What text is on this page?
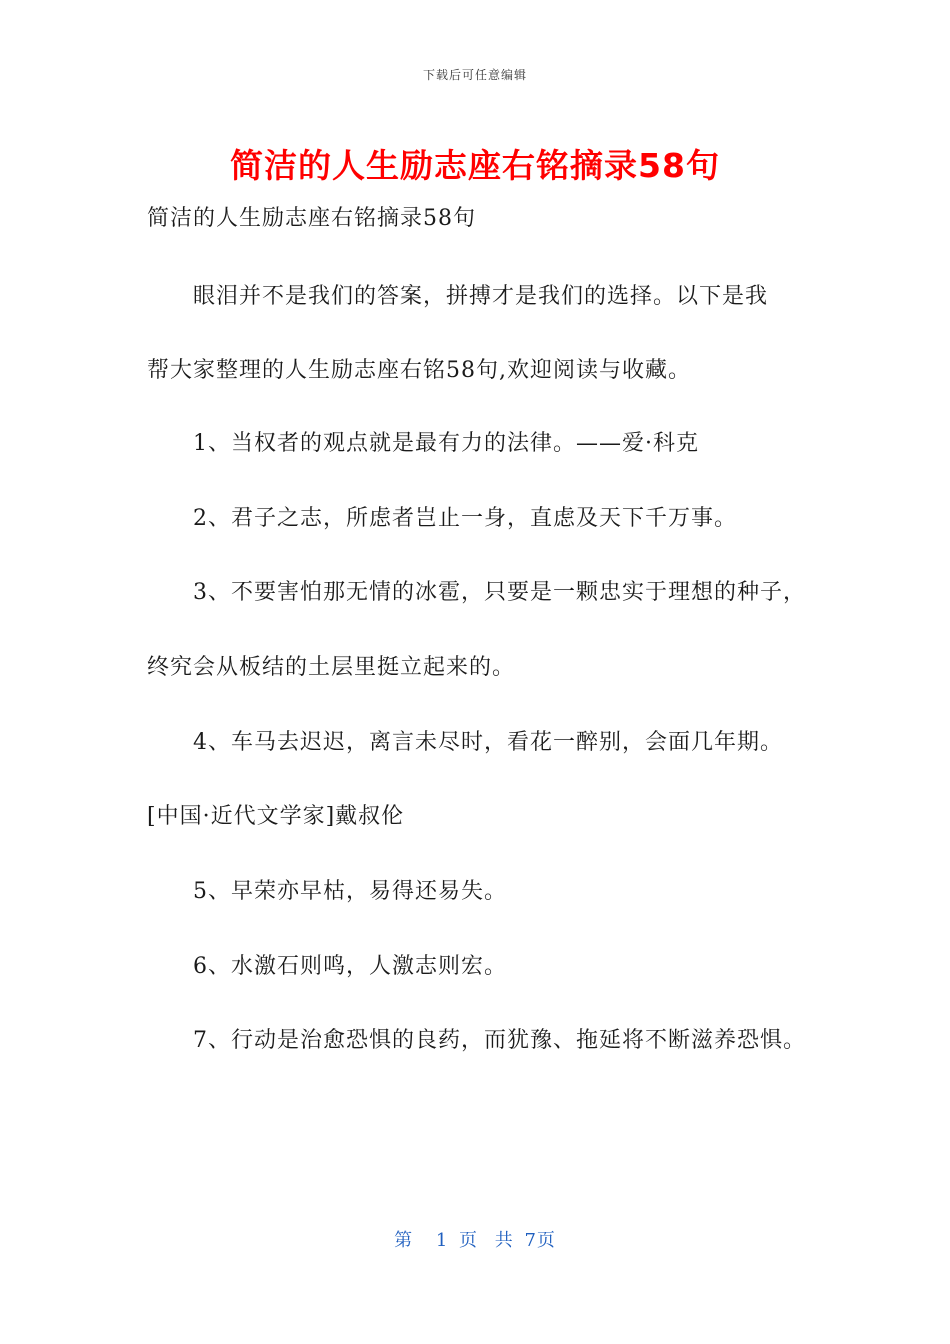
下载后可任意编辑
简洁的人生励志座右铭摘录58句
简洁的人生励志座右铭摘录58句
眼泪并不是我们的答案，拼搏才是我们的选择。以下是我
帮大家整理的人生励志座右铭58句,欢迎阅读与收藏。
1、当权者的观点就是最有力的法律。——爱·科克
2、君子之志，所虑者岂止一身，直虑及天下千万事。
3、不要害怕那无情的冰雹，只要是一颗忠实于理想的种子，
终究会从板结的土层里挺立起来的。
4、车马去迟迟，离言未尽时，看花一醉别，会面几年期。
[中国·近代文学家]戴叔伦
5、早荣亦早枯，易得还易失。
6、水激石则鸣，人激志则宏。
7、行动是治愈恐惧的良药，而犹豫、拖延将不断滋养恐惧。
第 1 页 共 7页
